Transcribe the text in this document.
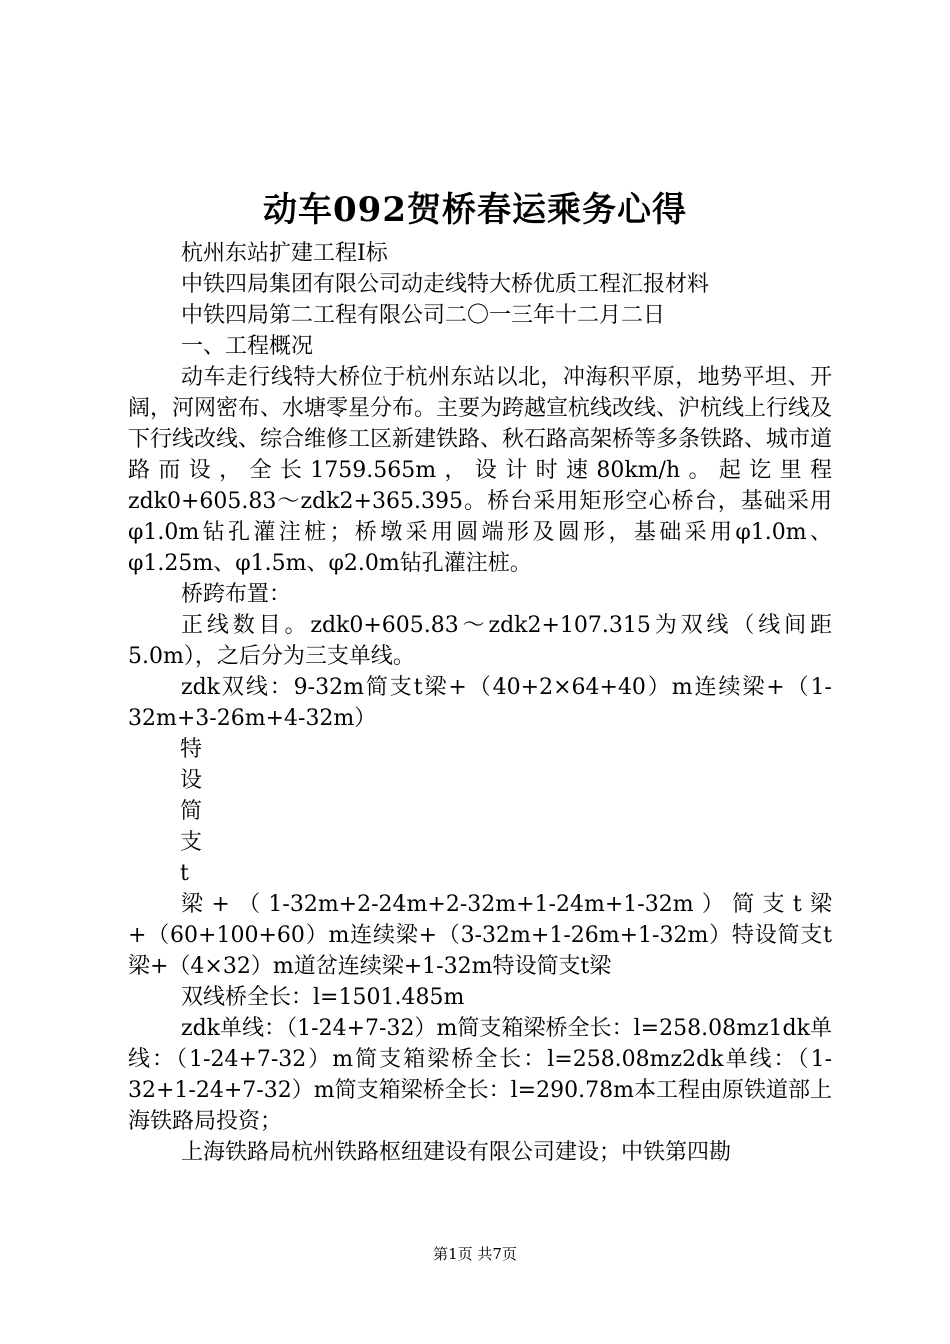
动车092贺桥春运乘务心得

杭州东站扩建工程Ⅰ标

中铁四局集团有限公司动走线特大桥优质工程汇报材料

中铁四局第二工程有限公司二〇一三年十二月二日

一、工程概况

动车走行线特大桥位于杭州东站以北，冲海积平原，地势平坦、开阔，河网密布、水塘零星分布。主要为跨越宣杭线改线、沪杭线上行线及下行线改线、综合维修工区新建铁路、秋石路高架桥等多条铁路、城市道路而设，全长1759.565m，设计时速80km/h。起讫里程zdk0+605.83～zdk2+365.395。桥台采用矩形空心桥台，基础采用φ1.0m钻孔灌注桩；桥墩采用圆端形及圆形，基础采用φ1.0m、φ1.25m、φ1.5m、φ2.0m钻孔灌注桩。

桥跨布置：

正线数目。zdk0+605.83～zdk2+107.315为双线（线间距5.0m），之后分为三支单线。

zdk双线：9-32m简支t梁+（40+2×64+40）m连续梁+（1-32m+3-26m+4-32m）

特

设

简

支

t

梁+（1-32m+2-24m+2-32m+1-24m+1-32m）简支t梁+（60+100+60）m连续梁+（3-32m+1-26m+1-32m）特设简支t梁+（4×32）m道岔连续梁+1-32m特设简支t梁

双线桥全长：l=1501.485m

zdk单线：（1-24+7-32）m简支箱梁桥全长：l=258.08mz1dk单线：（1-24+7-32）m简支箱梁桥全长：l=258.08mz2dk单线：（1-32+1-24+7-32）m简支箱梁桥全长：l=290.78m本工程由原铁道部上海铁路局投资；

上海铁路局杭州铁路枢纽建设有限公司建设；中铁第四勘

第1页 共7页
